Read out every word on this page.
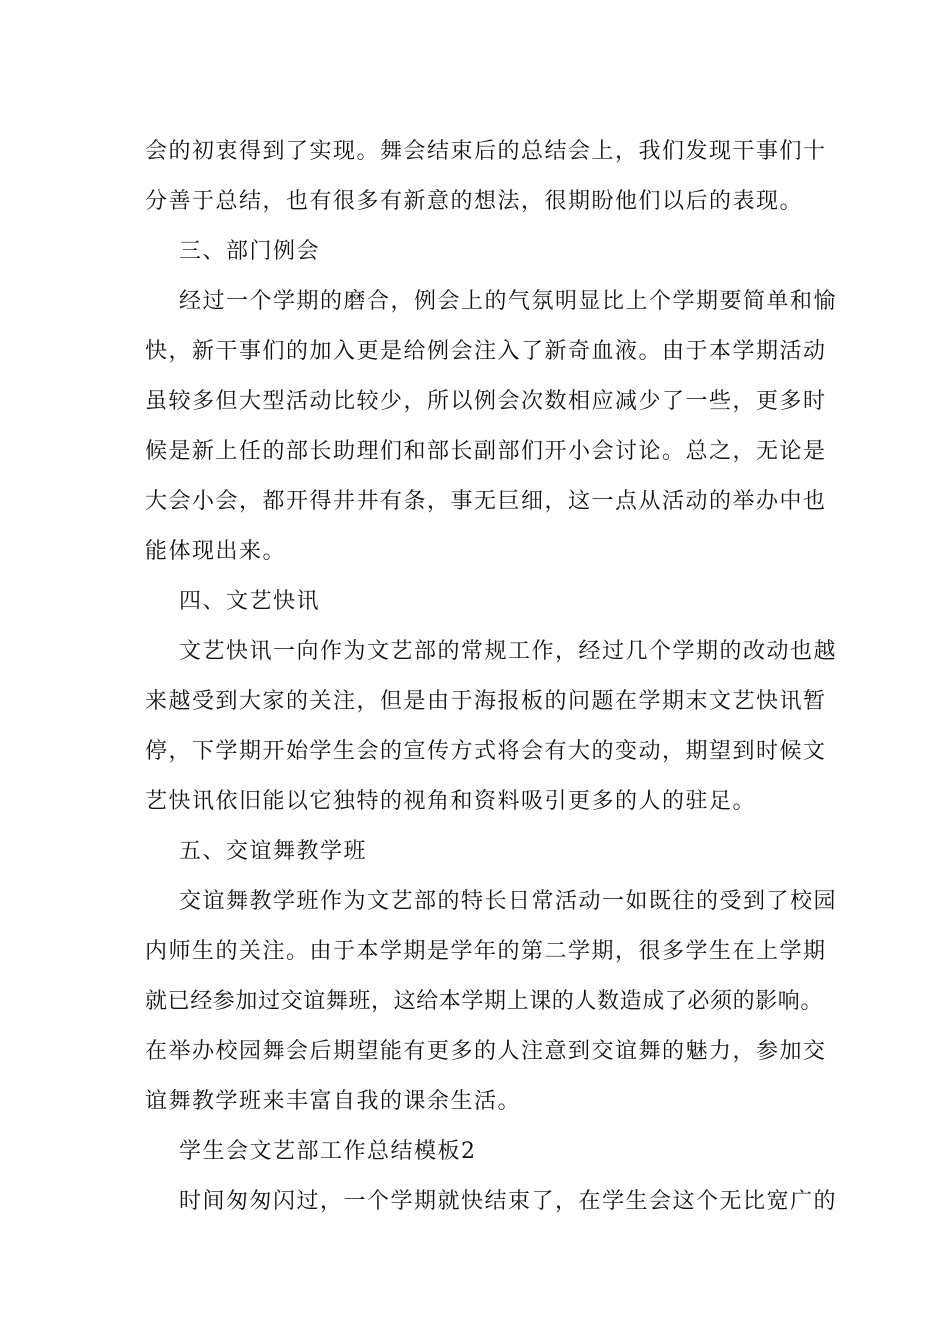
会的初衷得到了实现。舞会结束后的总结会上，我们发现干事们十
分善于总结，也有很多有新意的想法，很期盼他们以后的表现。
三、部门例会
经过一个学期的磨合，例会上的气氛明显比上个学期要简单和愉
快，新干事们的加入更是给例会注入了新奇血液。由于本学期活动
虽较多但大型活动比较少，所以例会次数相应减少了一些，更多时
候是新上任的部长助理们和部长副部们开小会讨论。总之，无论是
大会小会，都开得井井有条，事无巨细，这一点从活动的举办中也
能体现出来。
四、文艺快讯
文艺快讯一向作为文艺部的常规工作，经过几个学期的改动也越
来越受到大家的关注，但是由于海报板的问题在学期末文艺快讯暂
停，下学期开始学生会的宣传方式将会有大的变动，期望到时候文
艺快讯依旧能以它独特的视角和资料吸引更多的人的驻足。
五、交谊舞教学班
交谊舞教学班作为文艺部的特长日常活动一如既往的受到了校园
内师生的关注。由于本学期是学年的第二学期，很多学生在上学期
就已经参加过交谊舞班，这给本学期上课的人数造成了必须的影响。
在举办校园舞会后期望能有更多的人注意到交谊舞的魅力，参加交
谊舞教学班来丰富自我的课余生活。
学生会文艺部工作总结模板2
时间匆匆闪过，一个学期就快结束了，在学生会这个无比宽广的
